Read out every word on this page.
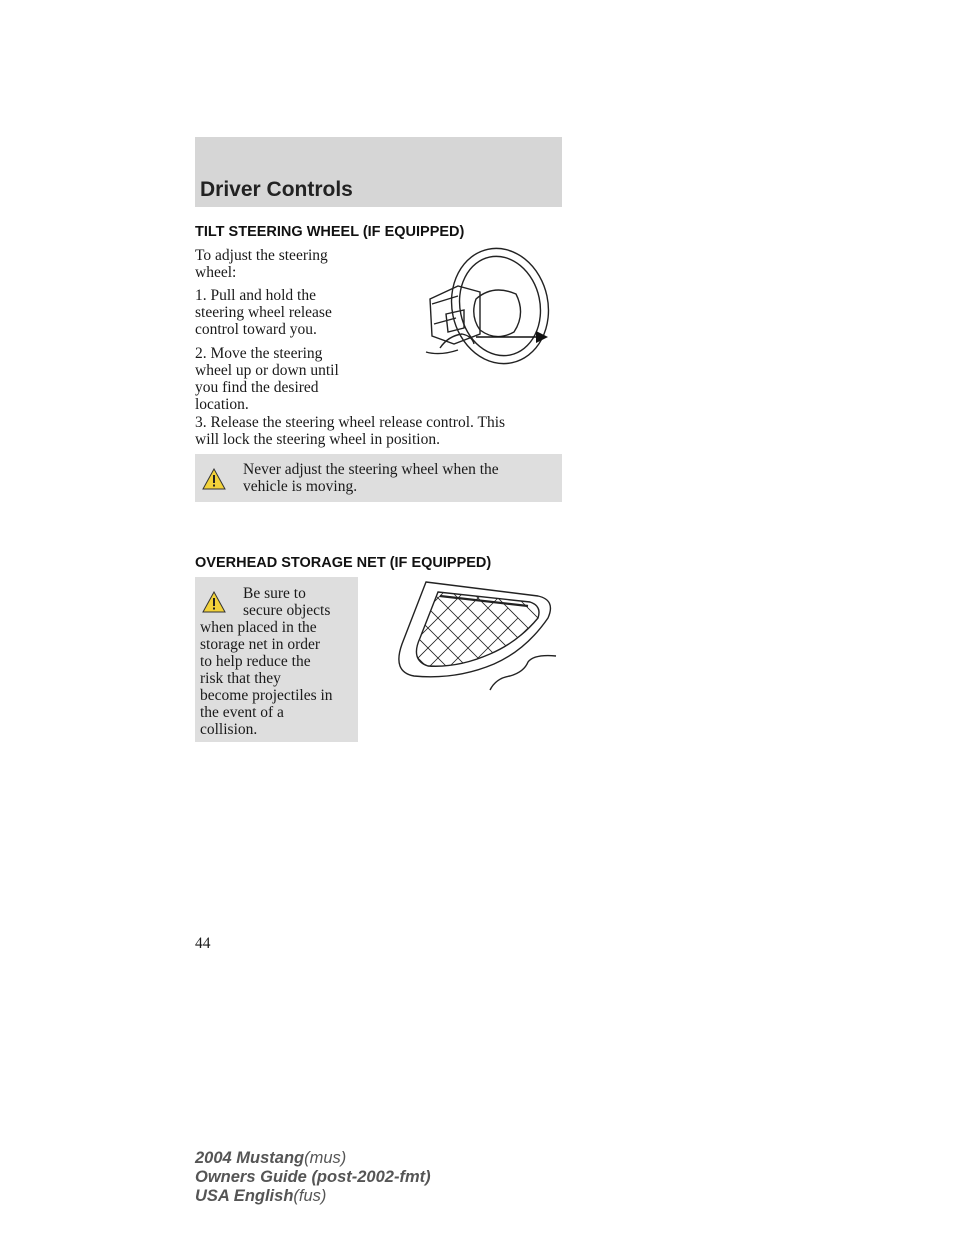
Driver Controls
TILT STEERING WHEEL (IF EQUIPPED)
To adjust the steering
wheel:
1. Pull and hold the
steering wheel release
control toward you.
2. Move the steering
wheel up or down until
you find the desired
location.
3. Release the steering wheel release control. This
will lock the steering wheel in position.
Never adjust the steering wheel when the
vehicle is moving.
OVERHEAD STORAGE NET (IF EQUIPPED)
Be sure to
secure objects
when placed in the
storage net in order
to help reduce the
risk that they
become projectiles in
the event of a
collision.
44
2004 Mustang(mus)
Owners Guide (post-2002-fmt)
USA English(fus)
